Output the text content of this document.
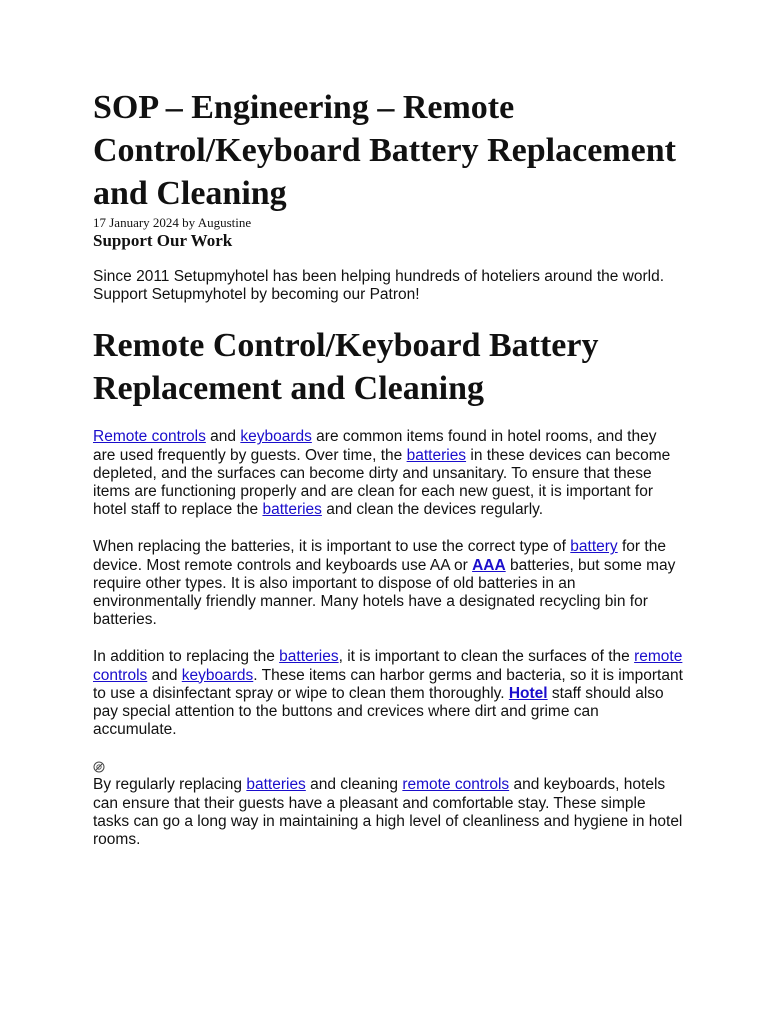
SOP – Engineering – Remote Control/Keyboard Battery Replacement and Cleaning
17 January 2024 by Augustine
Support Our Work

Since 2011 Setupmyhotel has been helping hundreds of hoteliers around the world. Support Setupmyhotel by becoming our Patron!

Remote Control/Keyboard Battery Replacement and Cleaning

Remote controls and keyboards are common items found in hotel rooms, and they are used frequently by guests. Over time, the batteries in these devices can become depleted, and the surfaces can become dirty and unsanitary. To ensure that these items are functioning properly and are clean for each new guest, it is important for hotel staff to replace the batteries and clean the devices regularly.

When replacing the batteries, it is important to use the correct type of battery for the device. Most remote controls and keyboards use AA or AAA batteries, but some may require other types. It is also important to dispose of old batteries in an environmentally friendly manner. Many hotels have a designated recycling bin for batteries.

In addition to replacing the batteries, it is important to clean the surfaces of the remote controls and keyboards. These items can harbor germs and bacteria, so it is important to use a disinfectant spray or wipe to clean them thoroughly. Hotel staff should also pay special attention to the buttons and crevices where dirt and grime can accumulate.

By regularly replacing batteries and cleaning remote controls and keyboards, hotels can ensure that their guests have a pleasant and comfortable stay. These simple tasks can go a long way in maintaining a high level of cleanliness and hygiene in hotel rooms.
